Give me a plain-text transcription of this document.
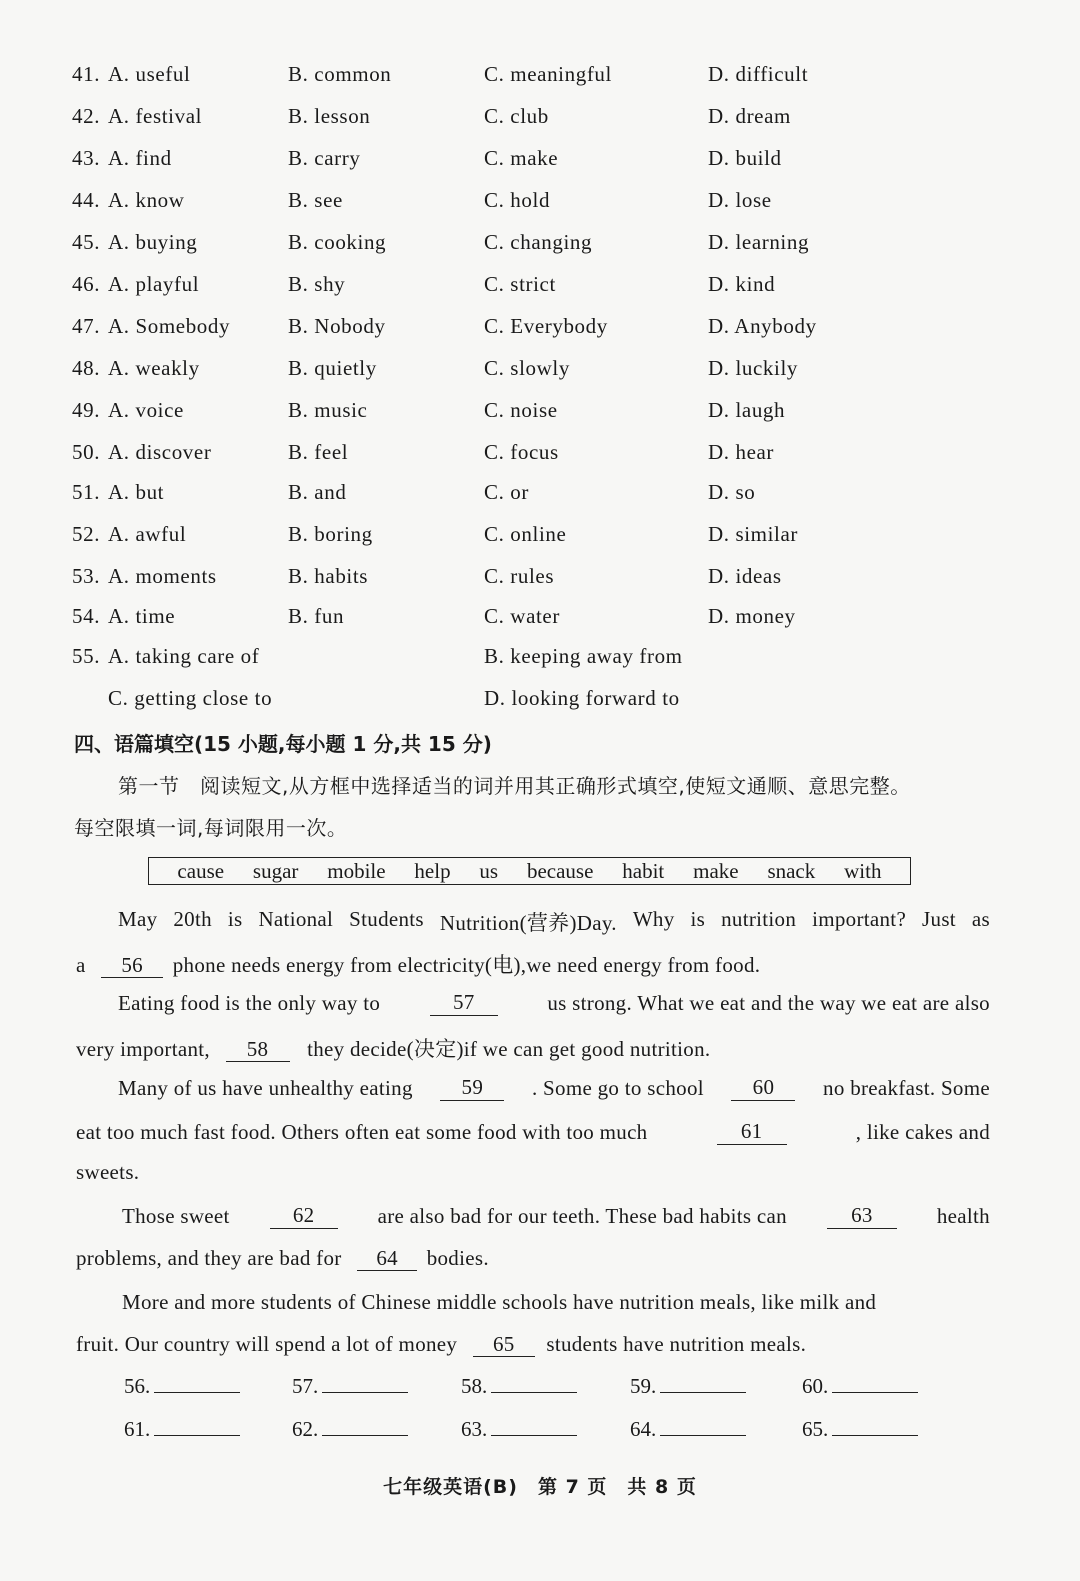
41. A. useful	B. common	C. meaningful	D. difficult
42. A. festival	B. lesson	C. club	D. dream
43. A. find	B. carry	C. make	D. build
44. A. know	B. see	C. hold	D. lose
45. A. buying	B. cooking	C. changing	D. learning
46. A. playful	B. shy	C. strict	D. kind
47. A. Somebody	B. Nobody	C. Everybody	D. Anybody
48. A. weakly	B. quietly	C. slowly	D. luckily
49. A. voice	B. music	C. noise	D. laugh
50. A. discover	B. feel	C. focus	D. hear
51. A. but	B. and	C. or	D. so
52. A. awful	B. boring	C. online	D. similar
53. A. moments	B. habits	C. rules	D. ideas
54. A. time	B. fun	C. water	D. money
55. A. taking care of	B. keeping away from
C. getting close to	D. looking forward to
四、语篇填空(15 小题,每小题 1 分,共 15 分)
第一节　阅读短文,从方框中选择适当的词并用其正确形式填空,使短文通顺、意思完整。
每空限填一词,每词限用一次。
cause sugar mobile help us because habit make snack with
May 20th is National Students Nutrition(营养)Day. Why is nutrition important? Just as
a 56 phone needs energy from electricity(电),we need energy from food.
Eating food is the only way to	57	us strong. What we eat and the way we eat are also
very important, 58 they decide(决定)if we can get good nutrition.
Many of us have unhealthy eating	59	. Some go to school	60	no breakfast. Some
eat too much fast food. Others often eat some food with too much	61	, like cakes and
sweets.
Those sweet	62	are also bad for our teeth. These bad habits can	63	health
problems, and they are bad for 64 bodies.
More and more students of Chinese middle schools have nutrition meals, like milk and
fruit. Our country will spend a lot of money 65 students have nutrition meals.
56.	57.	58.	59.	60.
61.	62.	63.	64.	65.
七年级英语(B)　第 7 页　共 8 页
